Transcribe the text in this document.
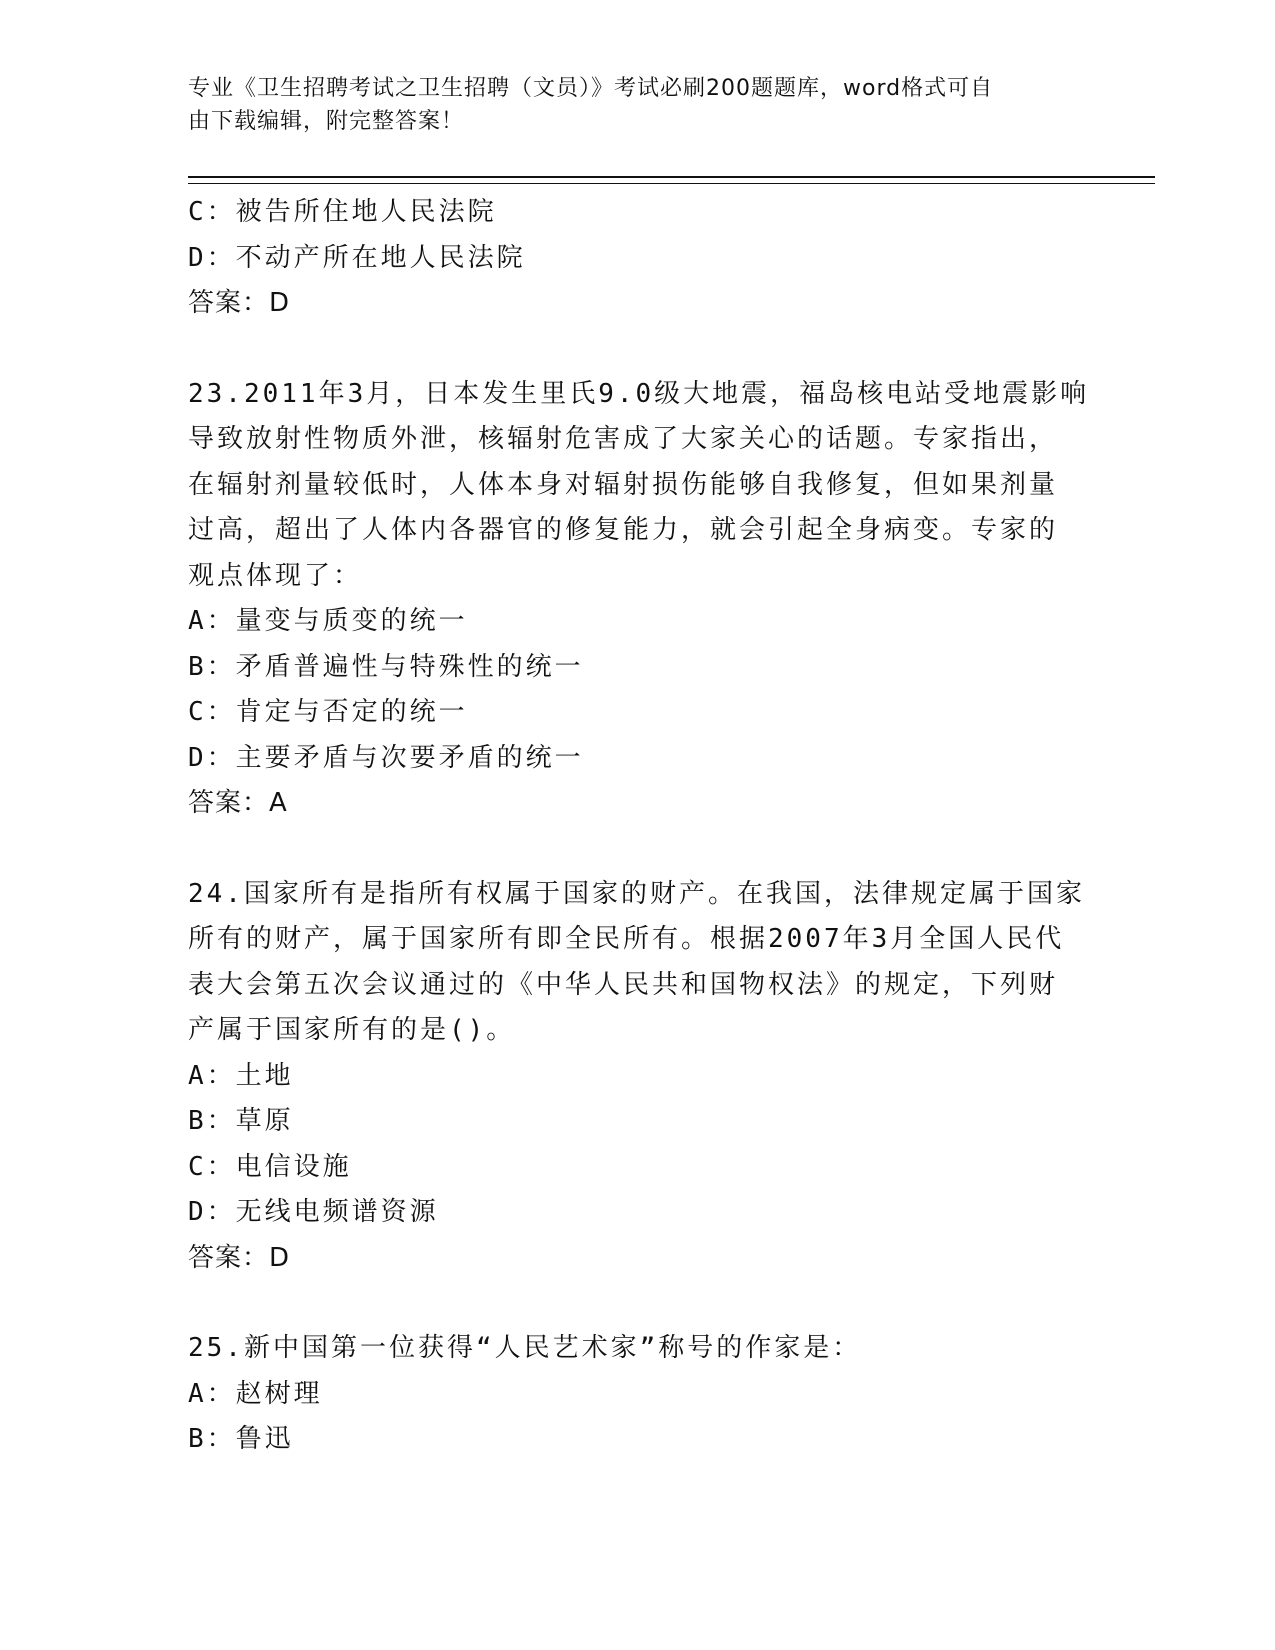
专业《卫生招聘考试之卫生招聘（文员）》考试必刷200题题库，word格式可自
由下载编辑，附完整答案！
C：被告所住地人民法院
D：不动产所在地人民法院
答案：D
23.2011年3月，日本发生里氏9.0级大地震，福岛核电站受地震影响
导致放射性物质外泄，核辐射危害成了大家关心的话题。专家指出，
在辐射剂量较低时，人体本身对辐射损伤能够自我修复，但如果剂量
过高，超出了人体内各器官的修复能力，就会引起全身病变。专家的
观点体现了：
A：量变与质变的统一
B：矛盾普遍性与特殊性的统一
C：肯定与否定的统一
D：主要矛盾与次要矛盾的统一
答案：A
24.国家所有是指所有权属于国家的财产。在我国，法律规定属于国家
所有的财产，属于国家所有即全民所有。根据2007年3月全国人民代
表大会第五次会议通过的《中华人民共和国物权法》的规定，下列财
产属于国家所有的是()。
A：土地
B：草原
C：电信设施
D：无线电频谱资源
答案：D
25.新中国第一位获得“人民艺术家”称号的作家是：
A：赵树理
B：鲁迅
